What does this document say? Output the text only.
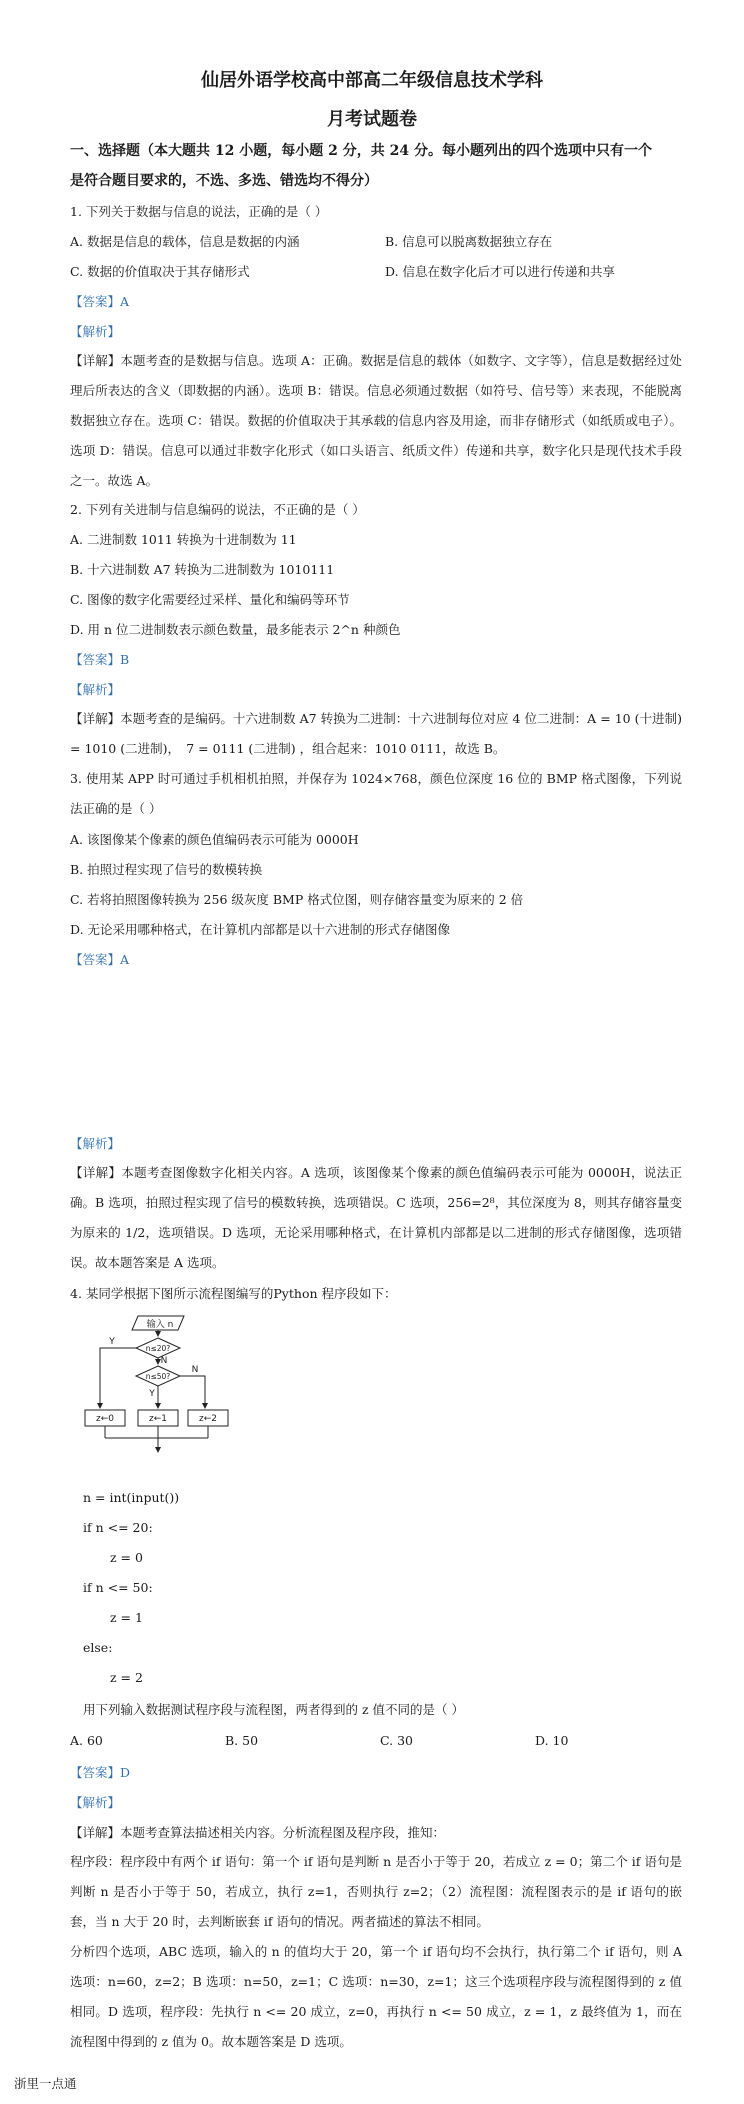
仙居外语学校高中部高二年级信息技术学科
月考试题卷
一、选择题（本大题共 12 小题，每小题 2 分，共 24 分。每小题列出的四个选项中只有一个
是符合题目要求的，不选、多选、错选均不得分）
1. 下列关于数据与信息的说法，正确的是（ ）
A. 数据是信息的载体，信息是数据的内涵	B. 信息可以脱离数据独立存在
C. 数据的价值取决于其存储形式	D. 信息在数字化后才可以进行传递和共享
【答案】A
【解析】
【详解】本题考查的是数据与信息。选项 A：正确。数据是信息的载体（如数字、文字等），信息是数据经过处理后所表达的含义（即数据的内涵）。选项 B：错误。信息必须通过数据（如符号、信号等）来表现，不能脱离数据独立存在。选项 C：错误。数据的价值取决于其承载的信息内容及用途，而非存储形式（如纸质或电子）。选项 D：错误。信息可以通过非数字化形式（如口头语言、纸质文件）传递和共享，数字化只是现代技术手段之一。故选 A。
2. 下列有关进制与信息编码的说法，不正确的是（ ）
A. 二进制数 1011 转换为十进制数为 11
B. 十六进制数 A7 转换为二进制数为 1010111
C. 图像的数字化需要经过采样、量化和编码等环节
D. 用 n 位二进制数表示颜色数量，最多能表示 2^n 种颜色
【答案】B
【解析】
【详解】本题考查的是编码。十六进制数 A7 转换为二进制：十六进制每位对应 4 位二进制：A = 10 (十进制) = 1010 (二进制)，　7 = 0111 (二进制) ，组合起来：1010 0111，故选 B。
3. 使用某 APP 时可通过手机相机拍照，并保存为 1024×768，颜色位深度 16 位的 BMP 格式图像，下列说法正确的是（ ）
A. 该图像某个像素的颜色值编码表示可能为 0000H
B. 拍照过程实现了信号的数模转换
C. 若将拍照图像转换为 256 级灰度 BMP 格式位图，则存储容量变为原来的 2 倍
D. 无论采用哪种格式，在计算机内部都是以十六进制的形式存储图像
【答案】A
【解析】
【详解】本题考查图像数字化相关内容。A 选项，该图像某个像素的颜色值编码表示可能为 0000H，说法正确。B 选项，拍照过程实现了信号的模数转换，选项错误。C 选项，256=2⁸，其位深度为 8，则其存储容量变为原来的 1/2，选项错误。D 选项，无论采用哪种格式，在计算机内部都是以二进制的形式存储图像，选项错误。故本题答案是 A 选项。
4. 某同学根据下图所示流程图编写的Python 程序段如下：
输入 n
n≤20?
n≤50?
Y
N
Y
N
z←0	z←1	z←2
n = int(input())
if n <= 20:
z = 0
if n <= 50:
z = 1
else:
z = 2
用下列输入数据测试程序段与流程图，两者得到的 z 值不同的是（ ）
A. 60	B. 50	C. 30	D. 10
【答案】D
【解析】
【详解】本题考查算法描述相关内容。分析流程图及程序段，推知：
程序段：程序段中有两个 if 语句：第一个 if 语句是判断 n 是否小于等于 20，若成立 z = 0；第二个 if 语句是判断 n 是否小于等于 50，若成立，执行 z=1，否则执行 z=2；（2）流程图：流程图表示的是 if 语句的嵌套，当 n 大于 20 时，去判断嵌套 if 语句的情况。两者描述的算法不相同。
分析四个选项，ABC 选项，输入的 n 的值均大于 20，第一个 if 语句均不会执行，执行第二个 if 语句，则 A 选项：n=60，z=2；B 选项：n=50，z=1；C 选项：n=30，z=1；这三个选项程序段与流程图得到的 z 值相同。D 选项，程序段：先执行 n <= 20 成立，z=0，再执行 n <= 50 成立，z = 1，z 最终值为 1，而在流程图中得到的 z 值为 0。故本题答案是 D 选项。
浙里一点通
